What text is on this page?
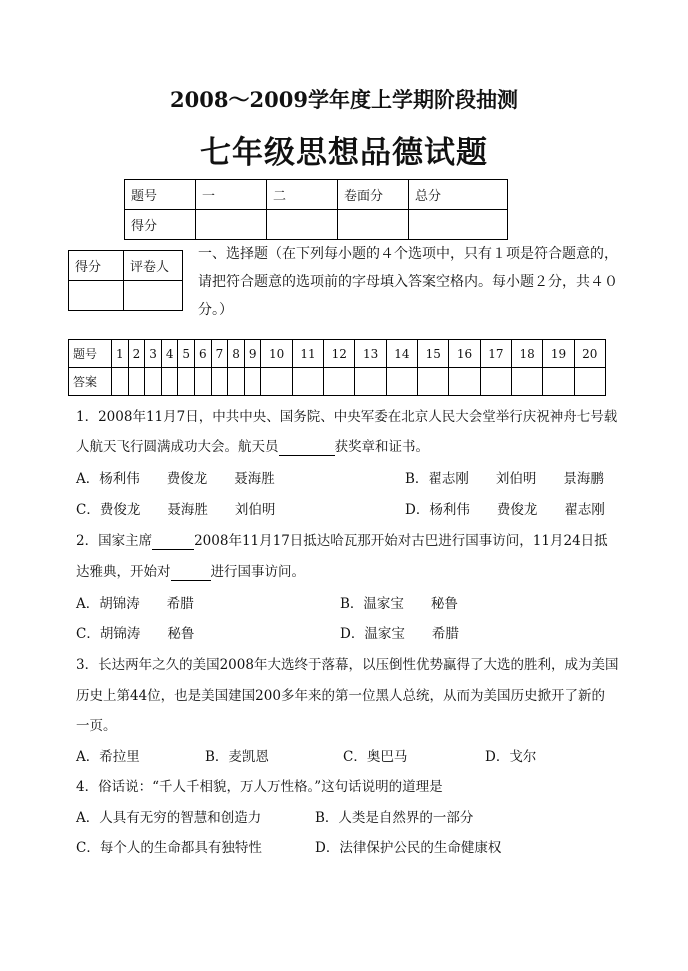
2008～2009学年度上学期阶段抽测
七年级思想品德试题
题号	一	二	卷面分	总分
得分				
得分	评卷人

一、选择题（在下列每小题的４个选项中，只有１项是符合题意的，请把符合题意的选项前的字母填入答案空格内。每小题２分，共４０分。）
题号	1	2	3	4	5	6	7	8	9	10	11	12	13	14	15	16	17	18	19	20
答案																				
1．2008年11月7日，中共中央、国务院、中央军委在北京人民大会堂举行庆祝神舟七号载
人航天飞行圆满成功大会。航天员	获奖章和证书。
A．杨利伟　　费俊龙　　聂海胜	B．翟志刚　　刘伯明　　景海鹏
C．费俊龙　　聂海胜　　刘伯明	D．杨利伟　　费俊龙　　翟志刚
2．国家主席	2008年11月17日抵达哈瓦那开始对古巴进行国事访问，11月24日抵
达雅典，开始对	进行国事访问。
A．胡锦涛　　希腊	B．温家宝　　秘鲁
C．胡锦涛　　秘鲁	D．温家宝　　希腊
3．长达两年之久的美国2008年大选终于落幕，以压倒性优势赢得了大选的胜利，成为美国
历史上第44位，也是美国建国200多年来的第一位黑人总统，从而为美国历史掀开了新的
一页。
A．希拉里	B．麦凯恩	C．奥巴马	D．戈尔
4．俗话说：“千人千相貌，万人万性格。”这句话说明的道理是
A．人具有无穷的智慧和创造力	B．人类是自然界的一部分
C．每个人的生命都具有独特性	D．法律保护公民的生命健康权
